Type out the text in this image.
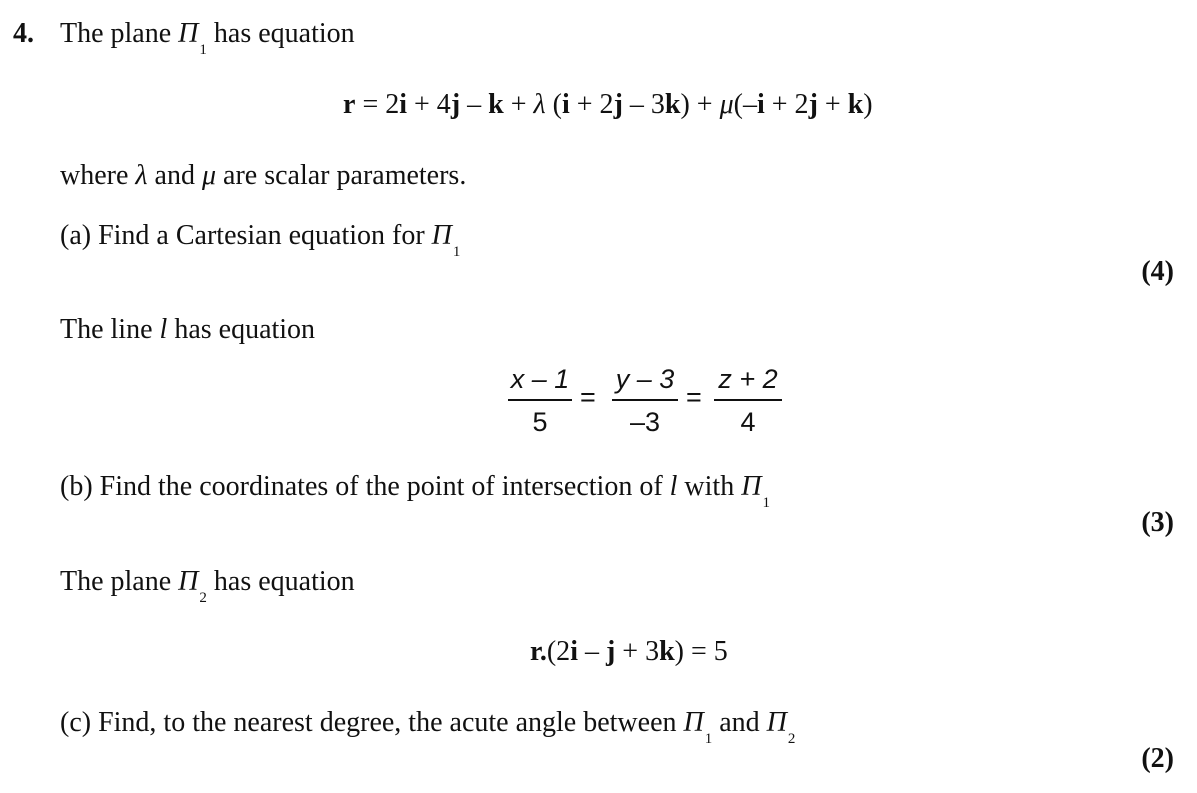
4. The plane $\Pi_1$ has equation
r = 2i + 4j – k + λ (i + 2j – 3k) + μ(–i + 2j + k)
where λ and μ are scalar parameters.
(a) Find a Cartesian equation for $\Pi_1$
(4)
The line l has equation
x – 1
5
=
y – 3
–3
=
z + 2
4
(b) Find the coordinates of the point of intersection of l with $\Pi_1$
(3)
The plane $\Pi_2$ has equation
r.(2i – j + 3k) = 5
(c) Find, to the nearest degree, the acute angle between $\Pi_1$ and $\Pi_2$
(2)
